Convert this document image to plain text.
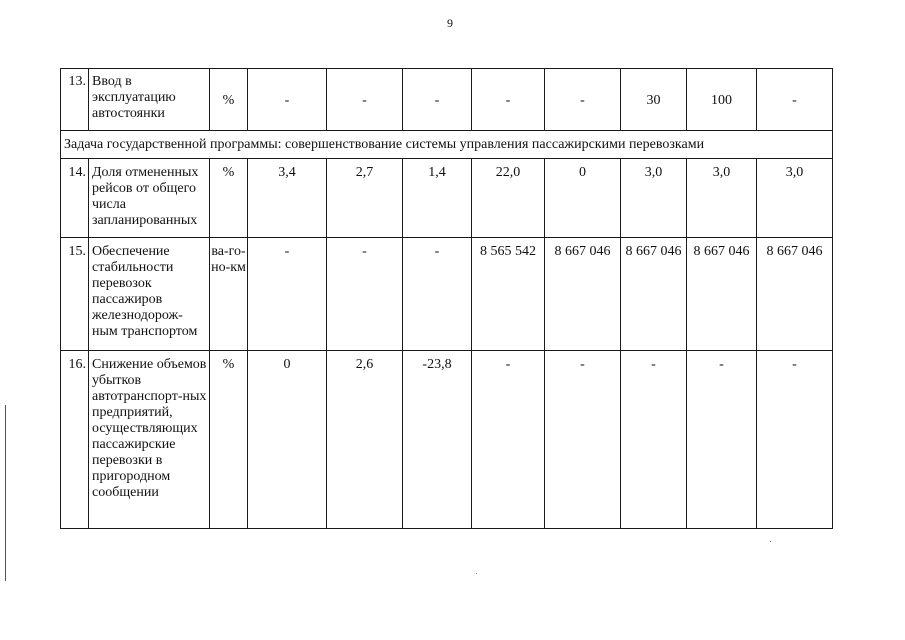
9
13.	Ввод в эксплуатацию автостоянки	%	-	-	-	-	-	30	100	-
Задача государственной программы: совершенствование системы управления пассажирскими перевозками										
14.	Доля отмененных рейсов от общего числа запланированных	%	3,4	2,7	1,4	22,0	0	3,0	3,0	3,0
15.	Обеспечение стабильности перевозок пассажиров железнодорож-ным транспортом	ва-го-но-км	-	-	-	8 565 542	8 667 046	8 667 046	8 667 046	8 667 046
16.	Снижение объемов убытков автотранспорт-ных предприятий, осуществляющих пассажирские перевозки в пригородном сообщении	%	0	2,6	-23,8	-	-	-	-	-
